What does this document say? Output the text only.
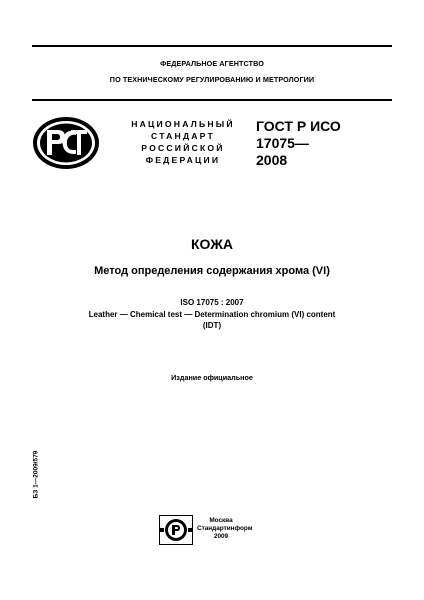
ФЕДЕРАЛЬНОЕ АГЕНТСТВО
ПО ТЕХНИЧЕСКОМУ РЕГУЛИРОВАНИЮ И МЕТРОЛОГИИ
НАЦИОНАЛЬНЫЙ
СТАНДАРТ
РОССИЙСКОЙ
ФЕДЕРАЦИИ
ГОСТ Р ИСО
17075—
2008
КОЖА
Метод определения содержания хрома (VI)
ISO 17075 : 2007
Leather — Chemical test — Determination chromium (VI) content
(IDT)
Издание официальное
БЗ 1—2009/579
Москва
Стандартинформ
2009
